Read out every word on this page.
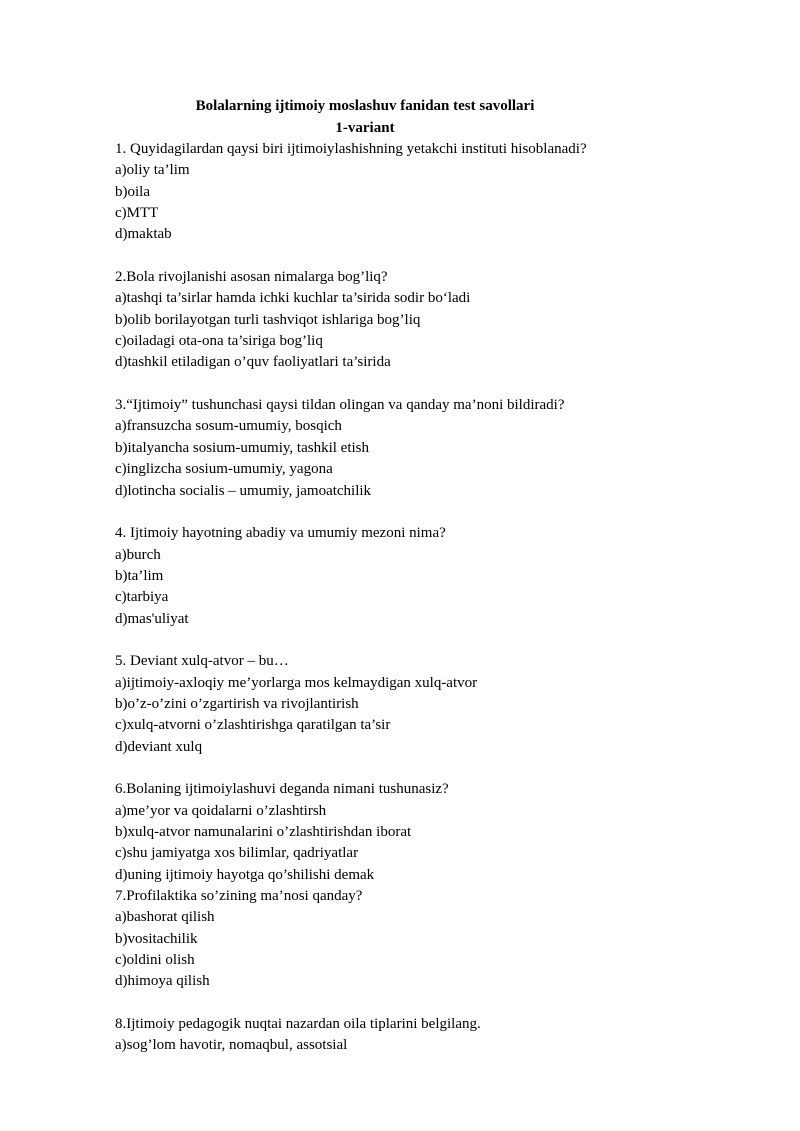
Bolalarning ijtimoiy moslashuv fanidan test savollari
1-variant
1. Quyidagilardan qaysi biri ijtimoiylashishning yetakchi instituti hisoblanadi?
a)oliy ta’lim
b)oila
c)MTT
d)maktab
2.Bola rivojlanishi asosan nimalarga bog’liq?
a)tashqi ta’sirlar hamda ichki kuchlar ta’sirida sodir bo‘ladi
b)olib borilayotgan turli tashviqot ishlariga bog’liq
c)oiladagi ota-ona ta’siriga bog’liq
d)tashkil etiladigan o’quv faoliyatlari ta’sirida
3.“Ijtimoiy” tushunchasi qaysi tildan olingan va qanday ma’noni bildiradi?
a)fransuzcha sosum-umumiy, bosqich
b)italyancha sosium-umumiy, tashkil etish
c)inglizcha sosium-umumiy, yagona
d)lotincha socialis – umumiy, jamoatchilik
4. Ijtimoiy hayotning abadiy va umumiy mezoni nima?
a)burch
b)ta’lim
c)tarbiya
d)mas'uliyat
5. Deviant xulq-atvor – bu…
a)ijtimoiy-axloqiy me’yorlarga mos kelmaydigan xulq-atvor
b)o’z-o’zini o’zgartirish va rivojlantirish
c)xulq-atvorni o’zlashtirishga qaratilgan ta’sir
d)deviant xulq
6.Bolaning ijtimoiylashuvi deganda nimani tushunasiz?
a)me’yor va qoidalarni o’zlashtirsh
b)xulq-atvor namunalarini o’zlashtirishdan iborat
c)shu jamiyatga xos bilimlar, qadriyatlar
d)uning ijtimoiy hayotga qo’shilishi demak
7.Profilaktika so’zining ma’nosi qanday?
a)bashorat qilish
b)vositachilik
c)oldini olish
d)himoya qilish
8.Ijtimoiy pedagogik nuqtai nazardan oila tiplarini belgilang.
a)sog’lom havotir, nomaqbul, assotsial
